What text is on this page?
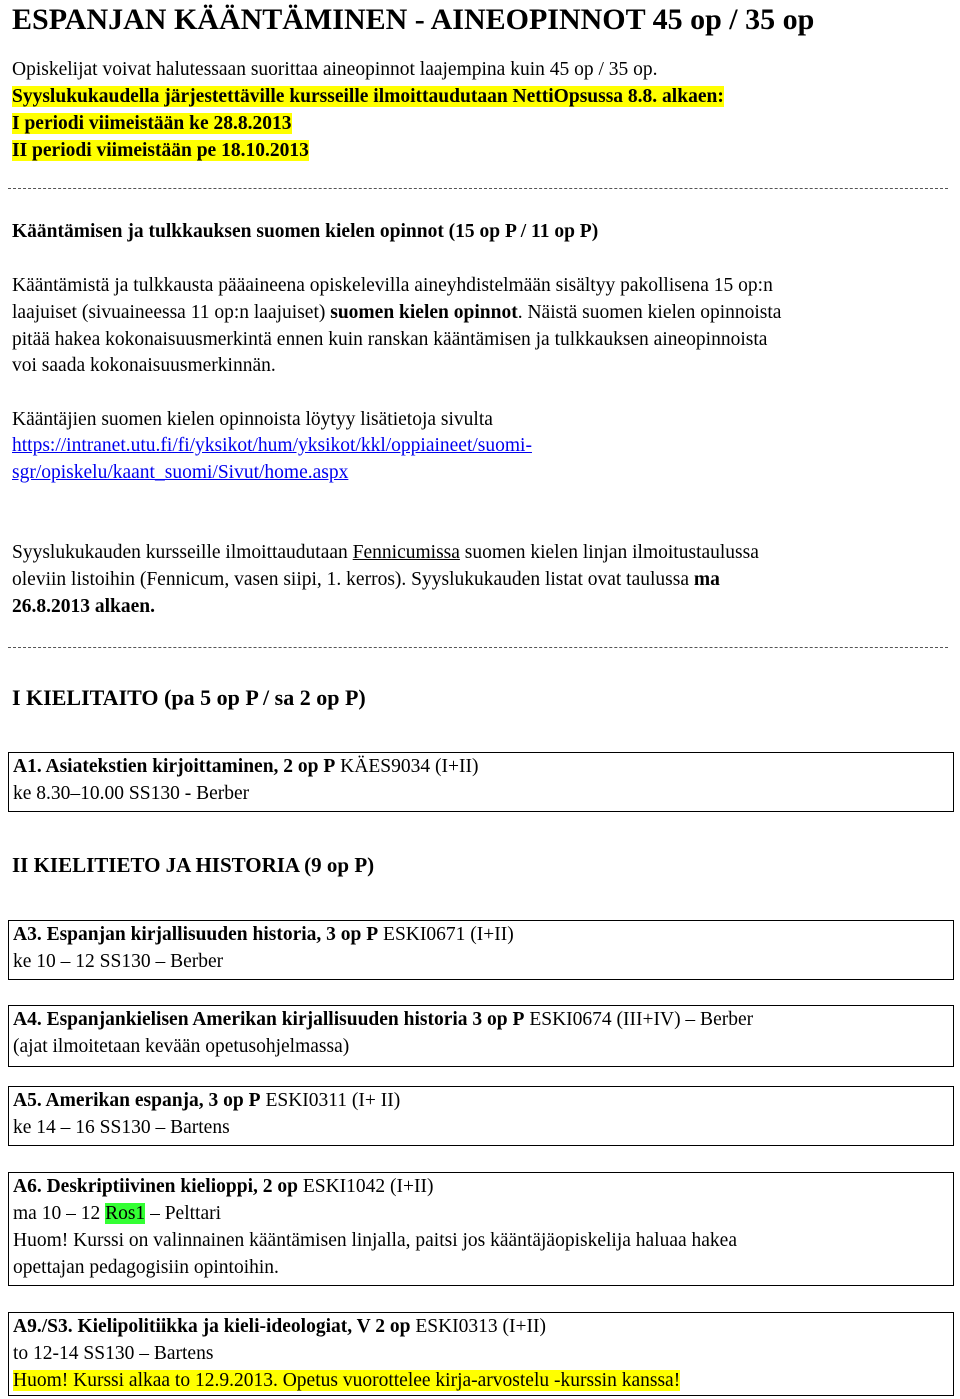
ESPANJAN KÄÄNTÄMINEN - AINEOPINNOT 45 op / 35 op
Opiskelijat voivat halutessaan suorittaa aineopinnot laajempina kuin 45 op / 35 op.
Syyslukukaudella järjestettäville kursseille ilmoittaudutaan NettiOpsussa 8.8. alkaen:
I periodi viimeistään ke 28.8.2013
II periodi viimeistään pe 18.10.2013
Kääntämisen ja tulkkauksen suomen kielen opinnot (15 op P / 11 op P)
Kääntämistä ja tulkkausta pääaineena opiskelevilla aineyhdistelmään sisältyy pakollisena 15 op:n
laajuiset (sivuaineessa 11 op:n laajuiset) suomen kielen opinnot. Näistä suomen kielen opinnoista
pitää hakea kokonaisuusmerkintä ennen kuin ranskan kääntämisen ja tulkkauksen aineopinnoista
voi saada kokonaisuusmerkinnän.
Kääntäjien suomen kielen opinnoista löytyy lisätietoja sivulta
https://intranet.utu.fi/fi/yksikot/hum/yksikot/kkl/oppiaineet/suomi-
sgr/opiskelu/kaant_suomi/Sivut/home.aspx
Syyslukukauden kursseille ilmoittaudutaan Fennicumissa suomen kielen linjan ilmoitustaulussa
oleviin listoihin (Fennicum, vasen siipi, 1. kerros). Syyslukukauden listat ovat taulussa ma
26.8.2013 alkaen.
I KIELITAITO (pa 5 op P / sa 2 op P)
A1. Asiatekstien kirjoittaminen, 2 op P KÄES9034 (I+II)
ke 8.30–10.00 SS130 - Berber
II KIELITIETO JA HISTORIA (9 op P)
A3. Espanjan kirjallisuuden historia, 3 op P ESKI0671 (I+II)
ke 10 – 12 SS130 – Berber
A4. Espanjankielisen Amerikan kirjallisuuden historia 3 op P ESKI0674 (III+IV) – Berber
(ajat ilmoitetaan kevään opetusohjelmassa)
A5. Amerikan espanja, 3 op P ESKI0311 (I+ II)
ke 14 – 16 SS130 – Bartens
A6. Deskriptiivinen kielioppi, 2 op ESKI1042 (I+II)
ma 10 – 12 Ros1 – Pelttari
Huom! Kurssi on valinnainen kääntämisen linjalla, paitsi jos kääntäjäopiskelija haluaa hakea
opettajan pedagogisiin opintoihin.
A9./S3. Kielipolitiikka ja kieli-ideologiat, V 2 op ESKI0313 (I+II)
to 12-14 SS130 – Bartens
Huom! Kurssi alkaa to 12.9.2013. Opetus vuorottelee kirja-arvostelu -kurssin kanssa!
